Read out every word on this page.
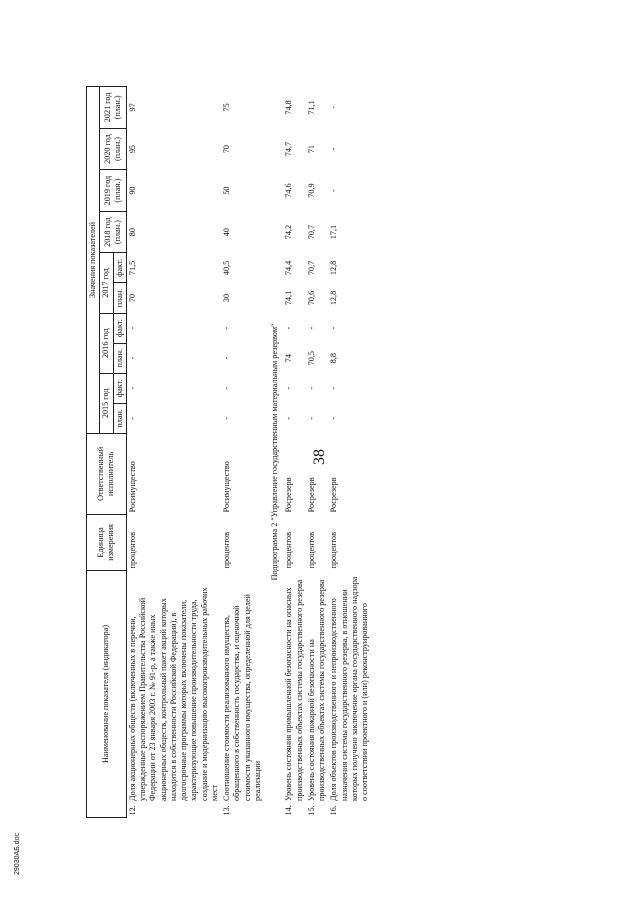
38
29030АБ.doc
Наименование показателя (индикатора)		Единица измерения	Ответственный исполнитель	Значения показателей									
				2015 год		2016 год		2017 год		2018 год (план.)	2019 год (план.)	2020 год (план.)	2021 год (план.)
				план.	факт.	план.	факт.	план.	факт.				
12.	Доля акционерных обществ (включенных в перечни, утвержденные распоряжением Правительства Российской Федерации от 23 января 2003 г. № 91-р, а также иных акционерных обществ, контрольный пакет акций которых находится в собственности Российской Федерации), в долгосрочные программы которых включены показатели, характеризующие повышение производительности труда, создание и модернизацию высокопроизводительных рабочих мест	процентов	Росимущество	-	-	-	-	70	71,5	80	90	95	97
13.	Соотношение стоимости реализованного имущества, обращенного в собственность государства, и оценочной стоимости указанного имущества, определенной для целей реализации	процентов	Росимущество	-	-	-	-	30	40,5	40	50	70	75
Подпрограмма 2 "Управление государственным материальным резервом"													
14.	Уровень состояния промышленной безопасности на опасных производственных объектах системы государственного резерва	процентов	Росрезерв	-	-	74	-	74,1	74,4	74,2	74,6	74,7	74,8
15.	Уровень состояния пожарной безопасности на производственных объектах системы государственного резерва	процентов	Росрезерв	-	-	70,5	-	70,6	70,7	70,7	70,9	71	71,1
16.	Доля объектов производственного и непроизводственного назначения системы государственного резерва, в отношении которых получено заключение органа государственного надзора о соответствии проектного и (или) реконструированного	процентов	Росрезерв	-	-	8,8	-	12,8	12,8	17,1	-	-	-
